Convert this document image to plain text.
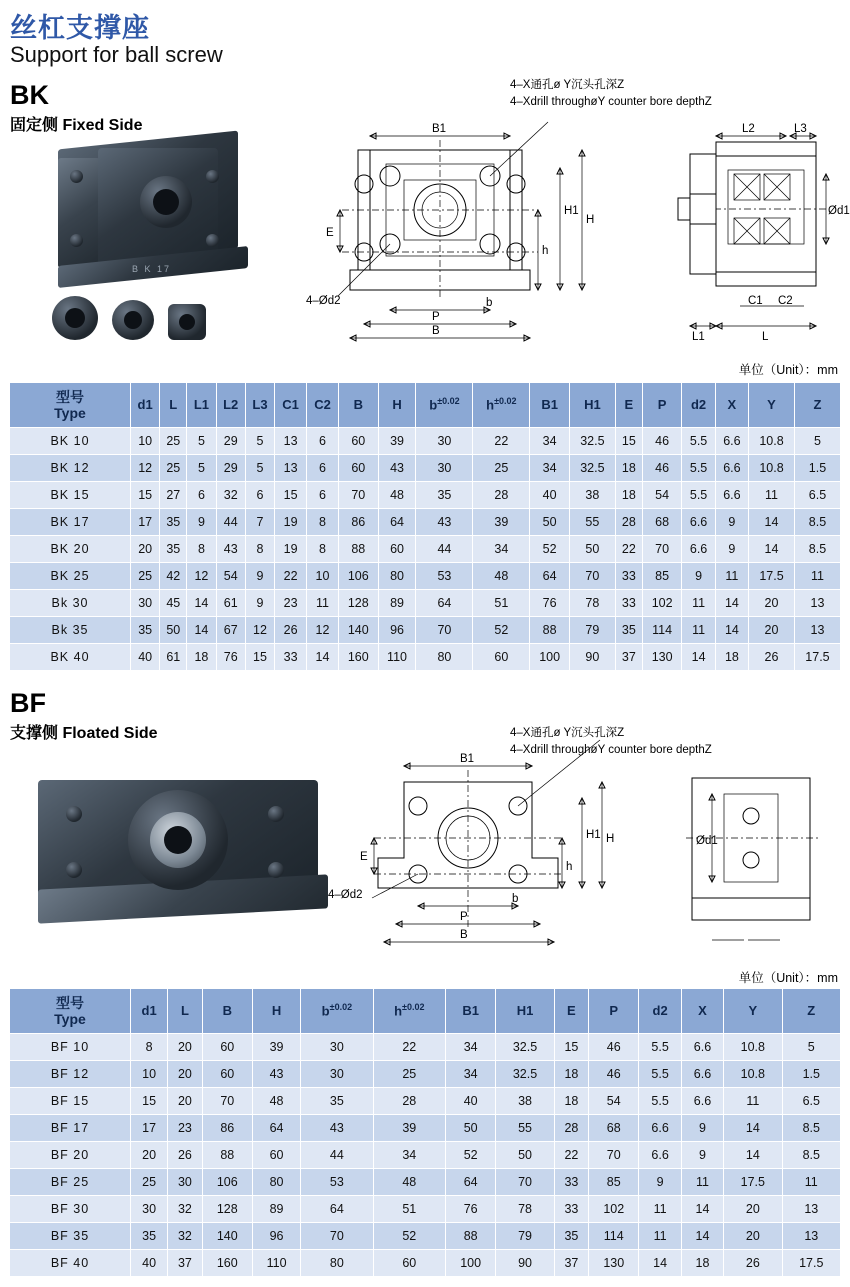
丝杠支撑座
Support for ball screw
BK
固定侧 Fixed Side
B K 17
B1
H
H1
h
E
b
P
B
4–X通孔ø Y沉头孔深Z
4–Xdrill throughøY counter bore depthZ
4–Ød2
L2	L3
Ød1
C1 C2
L1	L
单位（Unit）：mm
型号
Type	d1	L	L1	L2	L3	C1	C2	B	H	$b^{\pm 0.02}$	$h^{\pm 0.02}$	B1	H1	E	P	d2	X	Y	Z
BK 10	10	25	5	29	5	13	6	60	39	30	22	34	32.5	15	46	5.5	6.6	10.8	5
BK 12	12	25	5	29	5	13	6	60	43	30	25	34	32.5	18	46	5.5	6.6	10.8	1.5
BK 15	15	27	6	32	6	15	6	70	48	35	28	40	38	18	54	5.5	6.6	11	6.5
BK 17	17	35	9	44	7	19	8	86	64	43	39	50	55	28	68	6.6	9	14	8.5
BK 20	20	35	8	43	8	19	8	88	60	44	34	52	50	22	70	6.6	9	14	8.5
BK 25	25	42	12	54	9	22	10	106	80	53	48	64	70	33	85	9	11	17.5	11
Bk 30	30	45	14	61	9	23	11	128	89	64	51	76	78	33	102	11	14	20	13
Bk 35	35	50	14	67	12	26	12	140	96	70	52	88	79	35	114	11	14	20	13
BK 40	40	61	18	76	15	33	14	160	110	80	60	100	90	37	130	14	18	26	17.5
BF
支撑侧 Floated Side
B1
H
H1
h
E
b
P
B
4–X通孔ø Y沉头孔深Z
4–Xdrill throughøY counter bore depthZ
4–Ød2
Ød1
单位（Unit）：mm
型号
Type	d1	L	B	H	$b^{\pm 0.02}$	$h^{\pm 0.02}$	B1	H1	E	P	d2	X	Y	Z
BF 10	8	20	60	39	30	22	34	32.5	15	46	5.5	6.6	10.8	5
BF 12	10	20	60	43	30	25	34	32.5	18	46	5.5	6.6	10.8	1.5
BF 15	15	20	70	48	35	28	40	38	18	54	5.5	6.6	11	6.5
BF 17	17	23	86	64	43	39	50	55	28	68	6.6	9	14	8.5
BF 20	20	26	88	60	44	34	52	50	22	70	6.6	9	14	8.5
BF 25	25	30	106	80	53	48	64	70	33	85	9	11	17.5	11
BF 30	30	32	128	89	64	51	76	78	33	102	11	14	20	13
BF 35	35	32	140	96	70	52	88	79	35	114	11	14	20	13
BF 40	40	37	160	110	80	60	100	90	37	130	14	18	26	17.5
